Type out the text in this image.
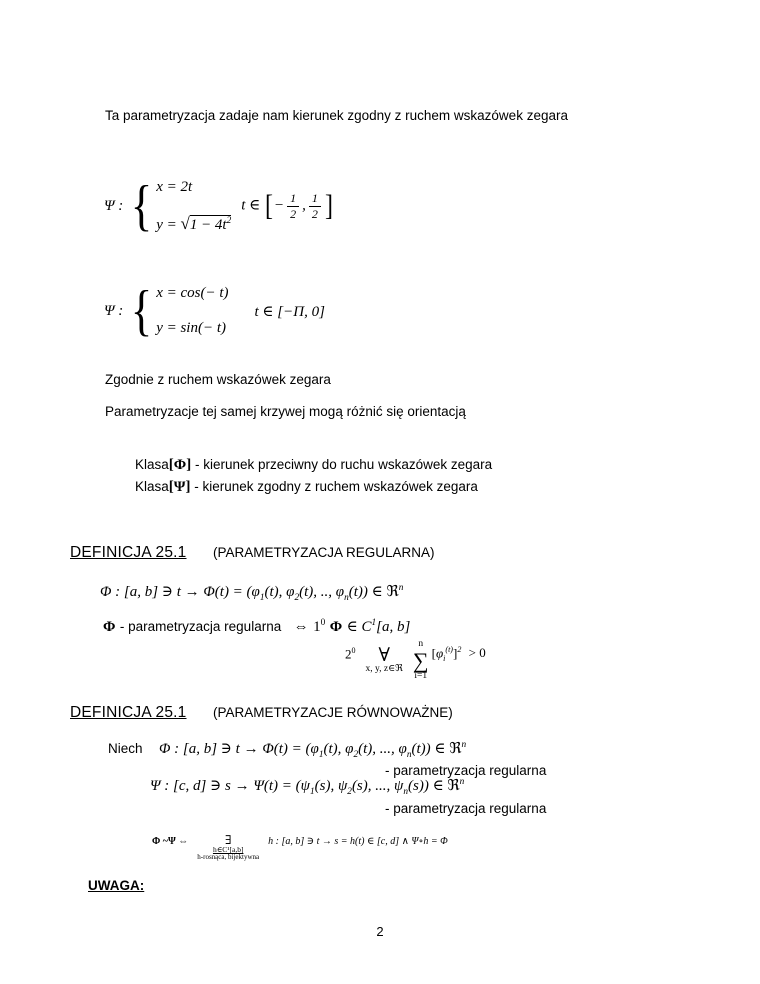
Ta parametryzacja zadaje nam kierunek zgodny z ruchem wskazówek zegara
Ψ : { x = 2t
$y = √1 - 4t^2$
t ∈ [− $\frac{1}{2}$ , $\frac{1}{2}$ ]
Ψ : { x = cos(− t)
y = sin(− t)
t ∈ [−Π, 0]
Zgodnie z ruchem wskazówek zegara
Parametryzacje tej samej krzywej mogą różnić się orientacją
Klasa[Φ] - kierunek przeciwny do ruchu wskazówek zegara
Klasa[Ψ] - kierunek zgodny z ruchem wskazówek zegara
DEFINICJA 25.1 (PARAMETRYZACJA REGULARNA)
Φ : [a, b] ∋ $t \to \Phi(t) = (\varphi_1(t)$, $\varphi_2(t)$, .., $\varphi_n(t)$) ∈ ℜ$^n$
Φ - parametryzacja regularna ⇔ $1^0$ Φ ∈ $C^1[a$, b]
$2^0$ ∀
x, y, z∈ℜ
n
∑
i=1
$[\varphi_i^{(t)}]^2 > 0$
DEFINICJA 25.1 (PARAMETRYZACJE RÓWNOWAŻNE)
Niech Φ : [a, b] ∋ $t \to \Phi(t) = (\varphi_1(t)$, $\varphi_2(t)$, ..., $\varphi_n(t)$) ∈ ℜ$^n$
- parametryzacja regularna
Ψ : [c, d] ∋ $s \to \Psi(t) = (\psi_1(s)$, $\psi_2(s)$, ..., $\psi_n(s)$) ∈ ℜ$^n$
- parametryzacja regularna
Φ ~Ψ ⇔	∃
h∈C¹[a,b]
h-rosnąca, bijektywna
h : [a, b] ∋ t → s = h(t) ∈ [c, d] ∧ Ψ∘h = Φ
UWAGA:
2
